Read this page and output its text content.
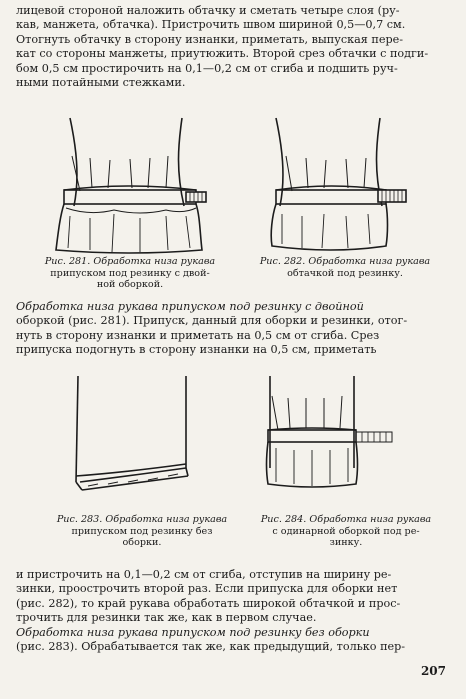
лицевой стороной наложить обтачку и сметать четыре слоя (ру-
кав, манжета, обтачка). Пристрочить швом шириной 0,5—0,7 см.
Отогнуть обтачку в сторону изнанки, приметать, выпуская пере-
кат со стороны манжеты, приутюжить. Второй срез обтачки с подги-
бом 0,5 см простирочить на 0,1—0,2 см от сгиба и подшить руч-
ными потайными стежками.
Рис. 281. Обработка низа рукава
припуском под резинку с двой-
ной оборкой.
Рис. 282. Обработка низа рукава
обтачкой под резинку.
Обработка низа рукава припуском под резинку с двойной
оборкой (рис. 281). Припуск, данный для оборки и резинки, отог-
нуть в сторону изнанки и приметать на 0,5 см от сгиба. Срез
припуска подогнуть в сторону изнанки на 0,5 см, приметать
Рис. 283. Обработка низа рукава
припуском под резинку без
оборки.
Рис. 284. Обработка низа рукава
с одинарной оборкой под ре-
зинку.
и пристрочить на 0,1—0,2 см от сгиба, отступив на ширину ре-
зинки, проострочить второй раз. Если припуска для оборки нет
(рис. 282), то край рукава обработать широкой обтачкой и прос-
трочить для резинки так же, как в первом случае.
Обработка низа рукава припуском под резинку без оборки
(рис. 283). Обрабатывается так же, как предыдущий, только пер-
207
